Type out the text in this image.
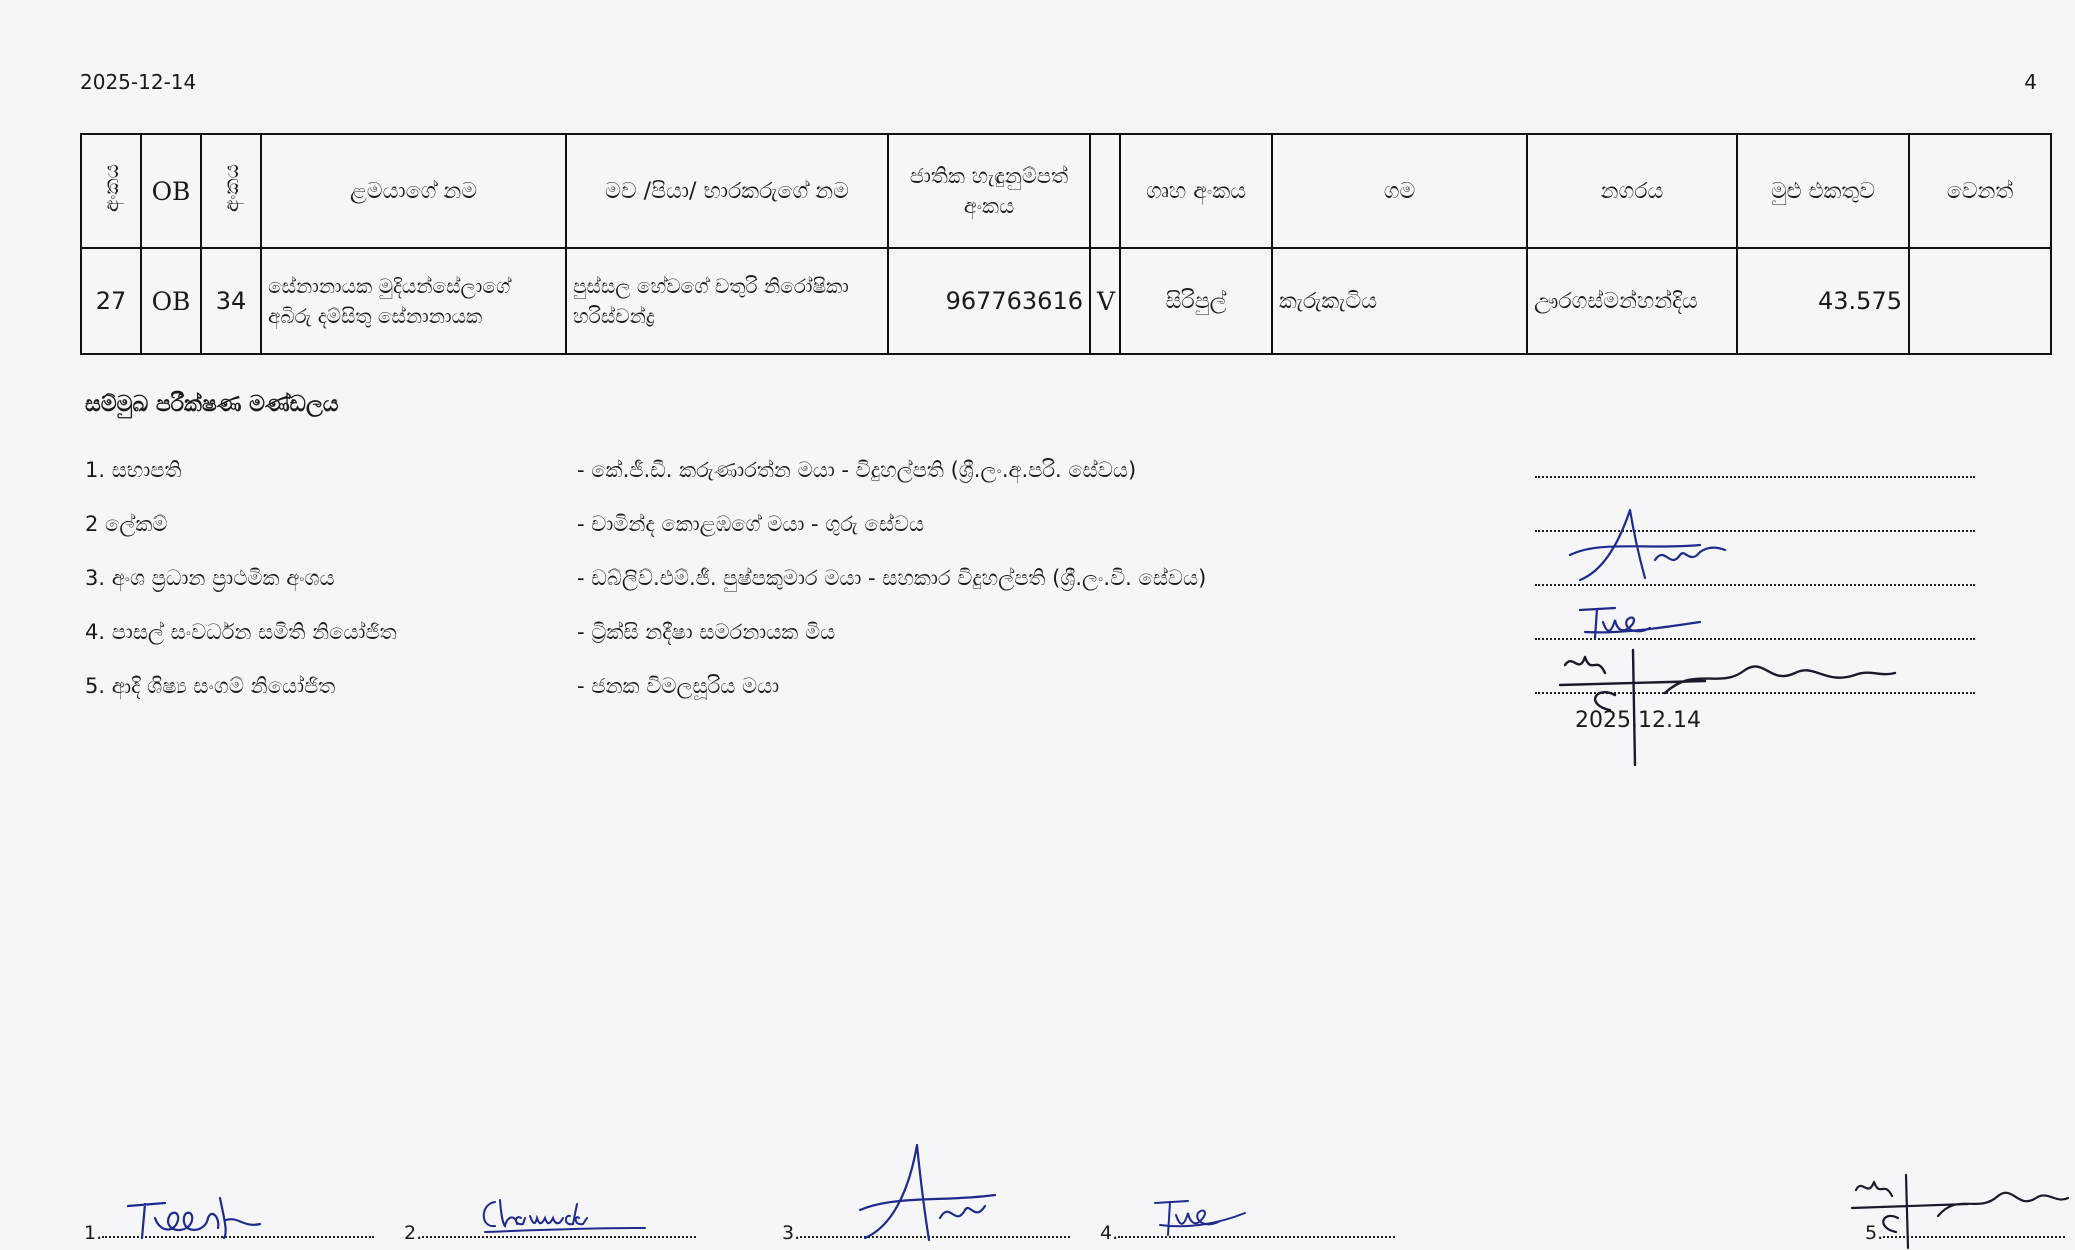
2025-12-14	4
අංකය	OB	අංකය	ළමයාගේ නම	මව /පියා/ භාරකරුගේ නම	ජාතික හැඳුනුම්පත් අංකය		ගෘහ අංකය	ගම	නගරය	මුළු එකතුව	වෙනත්
27	OB	34	සේනානායක මුදියන්සේලාගේ අබිරු දම්සිතු සේනානායක	පුස්සල හේවගේ චතුරි නිරෝෂිකා හරිස්චන්ද්‍ර	967763616	V	සිරිපුල්	කැරුකැටිය	ඌරගස්මන්හන්දිය	43.575	
සම්මුඛ පරීක්ෂණ මණ්ඩලය
1. සභාපති	- කේ.ජී.ඩී. කරුණාරත්න මයා - විදුහල්පති (ශ්‍රී.ලං.අ.පරි. සේවය)
2 ලේකම්	- චාමින්ද කොළඹගේ මයා - ගුරු සේවය
3. අංශ ප්‍රධාන ප්‍රාථමික අංශය	- ඩබ්ලිව්.එම්.ජී. පුෂ්පකුමාර මයා - සහකාර විදුහල්පති (ශ්‍රී.ලං.වි. සේවය)
4. පාසල් සංවර්ධන සමිති නියෝජිත	- ට්‍රික්සි නදීෂා සමරනායක මිය
5. ආදි ශිෂ්‍ය සංගම් නියෝජිත	- ජනක විමලසූරිය මයා
2025.12.14
1.	2.	3.	4.	5.
